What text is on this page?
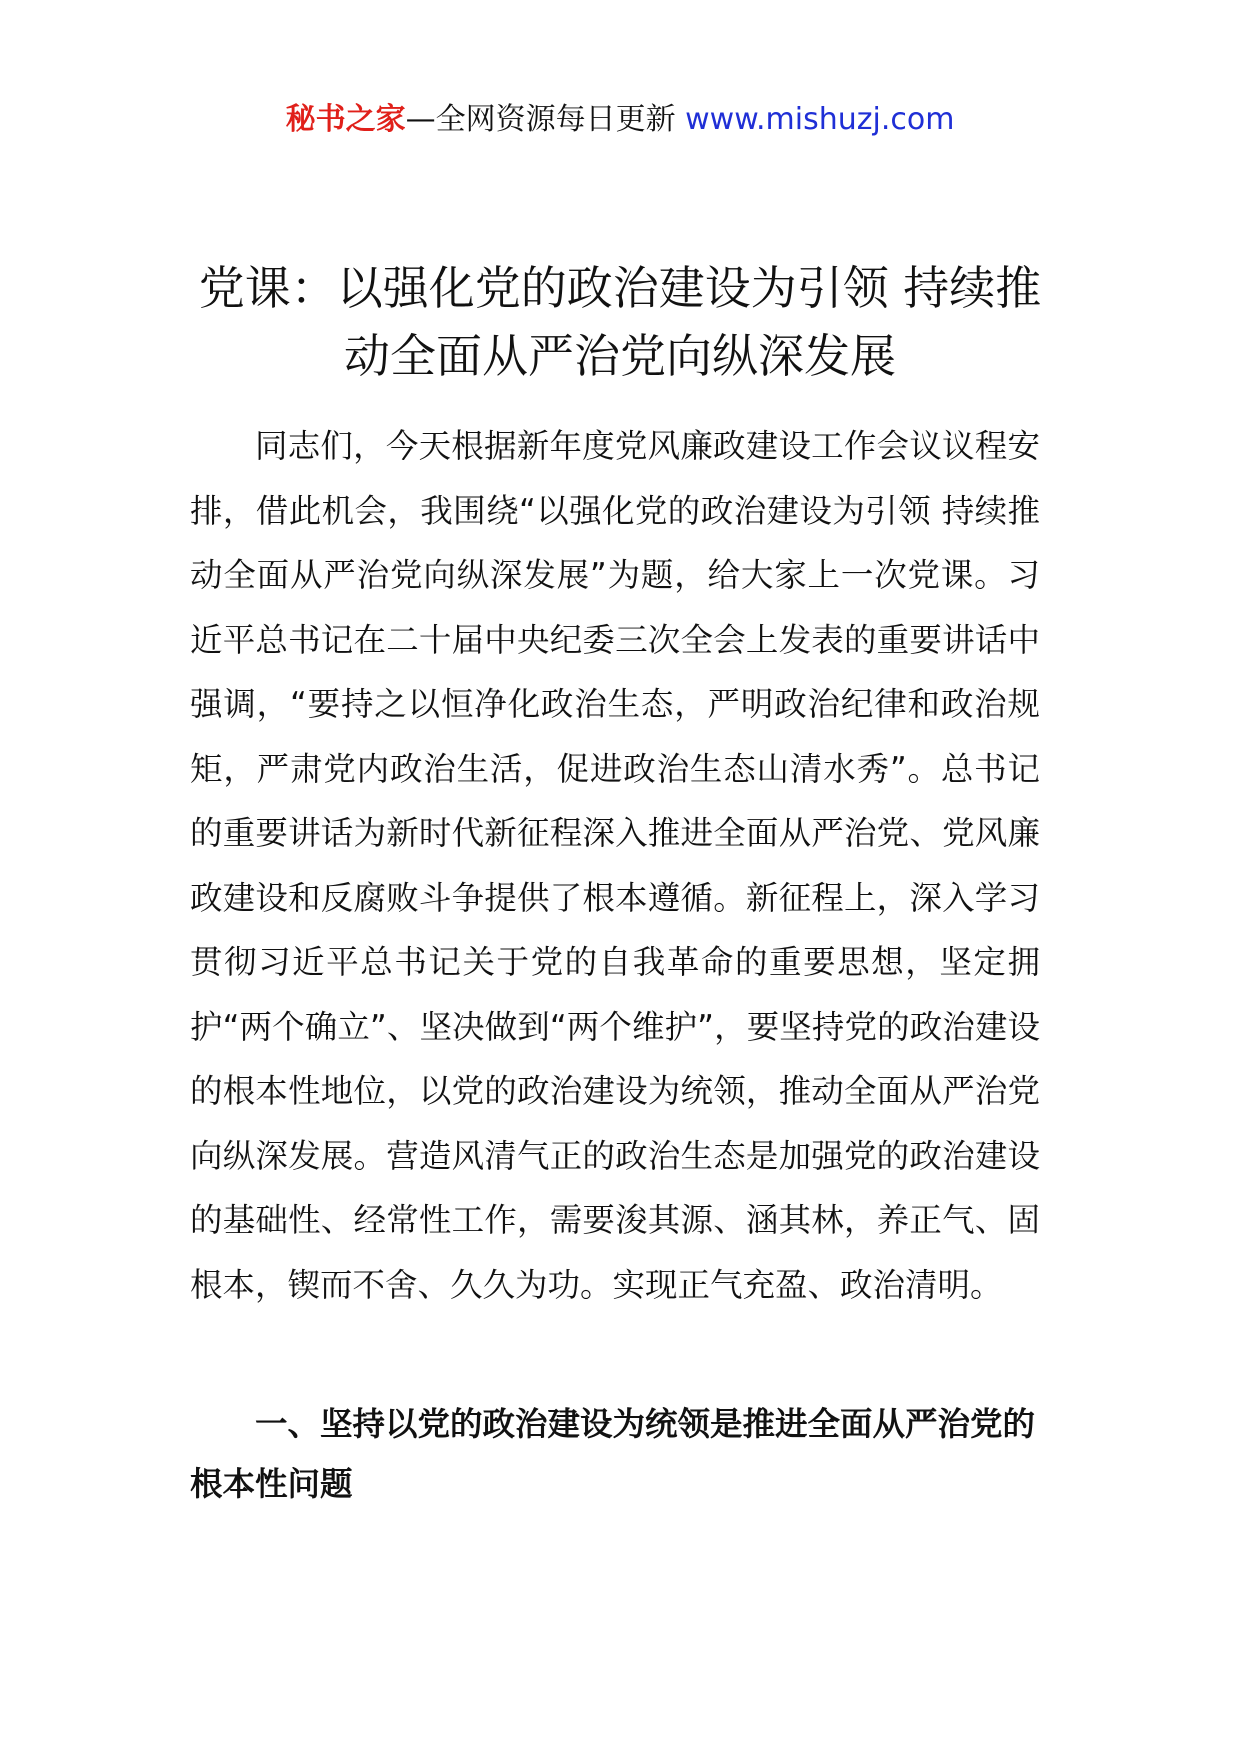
秘书之家—全网资源每日更新 www.mishuzj.com
党课：以强化党的政治建设为引领 持续推动全面从严治党向纵深发展

同志们，今天根据新年度党风廉政建设工作会议议程安排，借此机会，我围绕“以强化党的政治建设为引领 持续推动全面从严治党向纵深发展”为题，给大家上一次党课。习近平总书记在二十届中央纪委三次全会上发表的重要讲话中强调，“要持之以恒净化政治生态，严明政治纪律和政治规矩，严肃党内政治生活，促进政治生态山清水秀”。总书记的重要讲话为新时代新征程深入推进全面从严治党、党风廉政建设和反腐败斗争提供了根本遵循。新征程上，深入学习贯彻习近平总书记关于党的自我革命的重要思想，坚定拥护“两个确立”、坚决做到“两个维护”，要坚持党的政治建设的根本性地位，以党的政治建设为统领，推动全面从严治党向纵深发展。营造风清气正的政治生态是加强党的政治建设的基础性、经常性工作，需要浚其源、涵其林，养正气、固根本，锲而不舍、久久为功。实现正气充盈、政治清明。

一、坚持以党的政治建设为统领是推进全面从严治党的根本性问题
